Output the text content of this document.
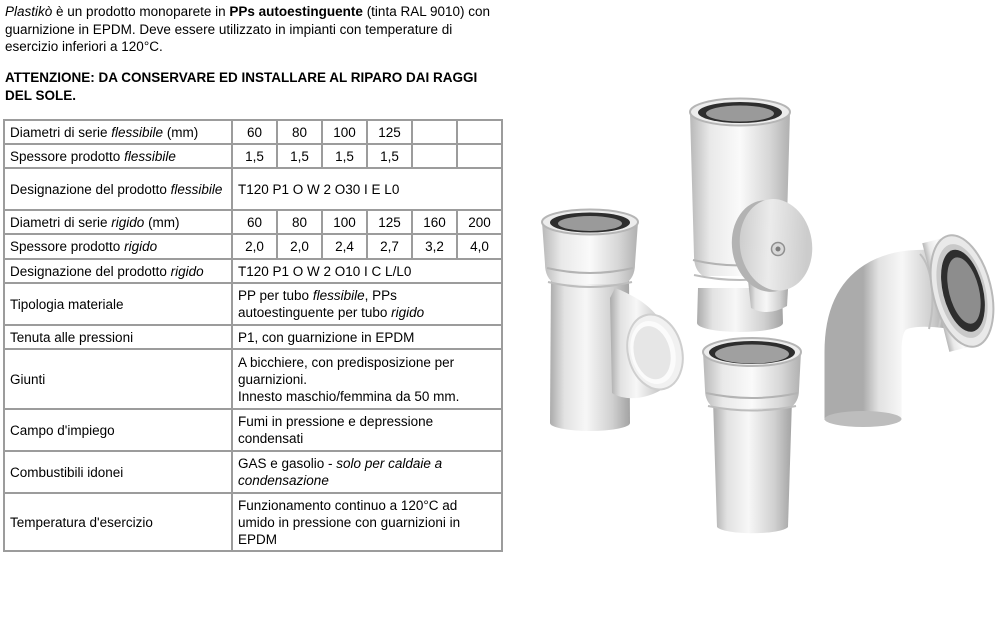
Plastikò è un prodotto monoparete in PPs autoestinguente (tinta RAL 9010) con guarnizione in EPDM. Deve essere utilizzato in impianti con temperature di esercizio inferiori a 120°C.
ATTENZIONE: DA CONSERVARE ED INSTALLARE AL RIPARO DAI RAGGI DEL SOLE.
Diametri di serie flessibile (mm)	60	80	100	125		
Spessore prodotto flessibile	1,5	1,5	1,5	1,5		
Designazione del prodotto flessibile	T120 P1 O W 2 O30 I E L0					
Diametri di serie rigido (mm)	60	80	100	125	160	200
Spessore prodotto rigido	2,0	2,0	2,4	2,7	3,2	4,0
Designazione del prodotto rigido	T120 P1 O W 2 O10 I C L/L0					
Tipologia materiale	PP per tubo flessibile, PPs autoestinguente per tubo rigido					
Tenuta alle pressioni	P1, con guarnizione in EPDM					
Giunti	A bicchiere, con predisposizione per guarnizioni.
Innesto maschio/femmina da 50 mm.					

Campo d'impiego	Fumi in pressione e depressione condensati					
Combustibili idonei	GAS e gasolio - solo per caldaie a condensazione					
Temperatura d'esercizio	Funzionamento continuo a 120°C ad umido in pressione con guarnizioni in EPDM					
